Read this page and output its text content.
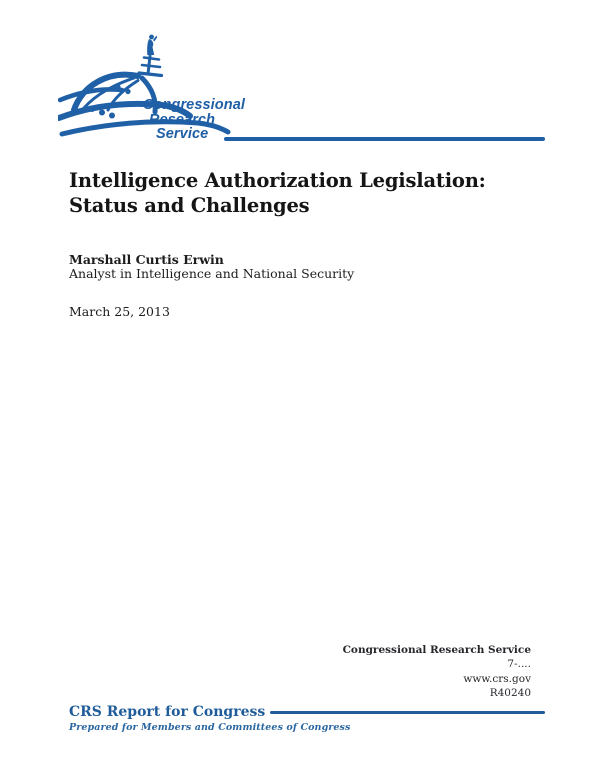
Congressional
Research
Service
Intelligence Authorization Legislation:
Status and Challenges
Marshall Curtis Erwin
Analyst in Intelligence and National Security
March 25, 2013
Congressional Research Service
7-....
www.crs.gov
R40240
CRS Report for Congress
Prepared for Members and Committees of Congress
